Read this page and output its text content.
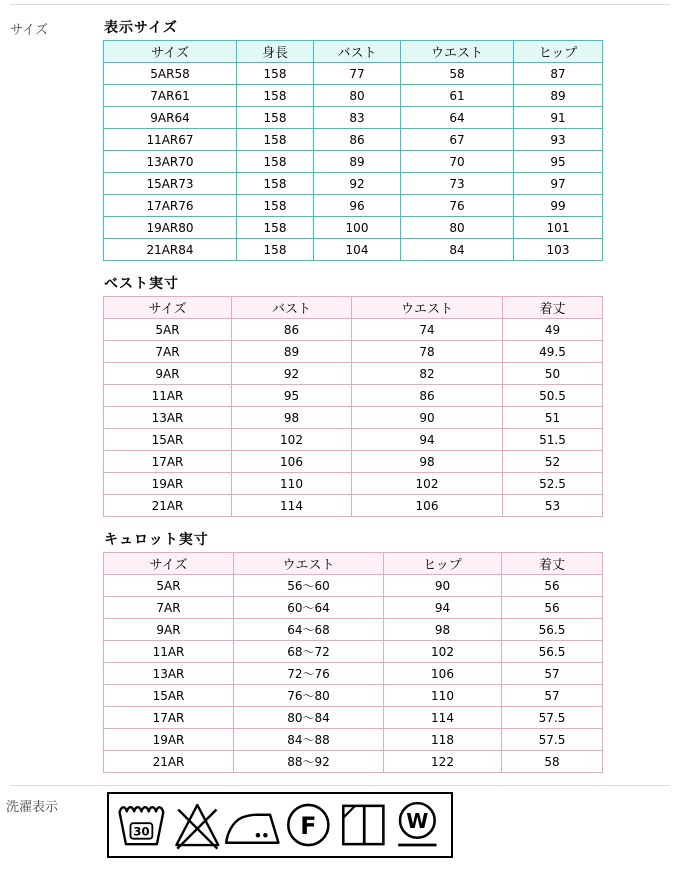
サイズ	表示サイズ
サイズ	身長	バスト	ウエスト	ヒップ
5AR58	158	77	58	87
7AR61	158	80	61	89
9AR64	158	83	64	91
11AR67	158	86	67	93
13AR70	158	89	70	95
15AR73	158	92	73	97
17AR76	158	96	76	99
19AR80	158	100	80	101
21AR84	158	104	84	103
ベスト実寸
サイズ	バスト	ウエスト	着丈
5AR	86	74	49
7AR	89	78	49.5
9AR	92	82	50
11AR	95	86	50.5
13AR	98	90	51
15AR	102	94	51.5
17AR	106	98	52
19AR	110	102	52.5
21AR	114	106	53
キュロット実寸
サイズ	ウエスト	ヒップ	着丈
5AR	56〜60	90	56
7AR	60〜64	94	56
9AR	64〜68	98	56.5
11AR	68〜72	102	56.5
13AR	72〜76	106	57
15AR	76〜80	110	57
17AR	80〜84	114	57.5
19AR	84〜88	118	57.5
21AR	88〜92	122	58
洗濯表示
30	F	W
